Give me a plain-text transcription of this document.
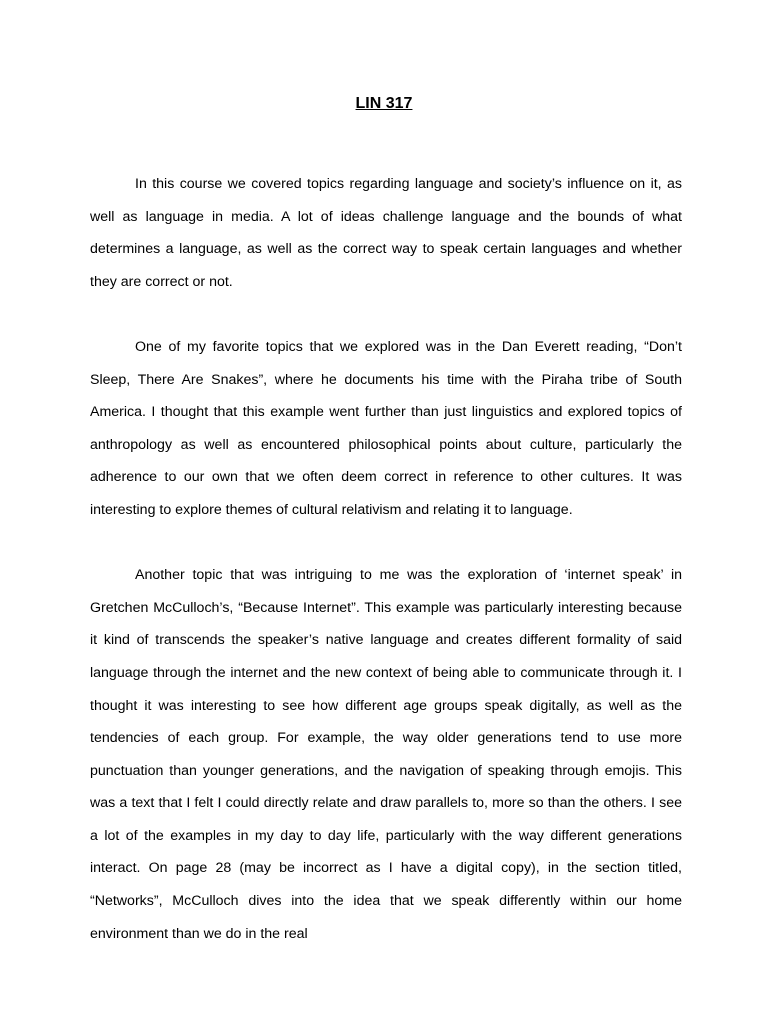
LIN 317

In this course we covered topics regarding language and society’s influence on it, as well as language in media. A lot of ideas challenge language and the bounds of what determines a language, as well as the correct way to speak certain languages and whether they are correct or not.

One of my favorite topics that we explored was in the Dan Everett reading, “Don’t Sleep, There Are Snakes”, where he documents his time with the Piraha tribe of South America. I thought that this example went further than just linguistics and explored topics of anthropology as well as encountered philosophical points about culture, particularly the adherence to our own that we often deem correct in reference to other cultures. It was interesting to explore themes of cultural relativism and relating it to language.

Another topic that was intriguing to me was the exploration of ‘internet speak’ in Gretchen McCulloch’s, “Because Internet”. This example was particularly interesting because it kind of transcends the speaker’s native language and creates different formality of said language through the internet and the new context of being able to communicate through it. I thought it was interesting to see how different age groups speak digitally, as well as the tendencies of each group. For example, the way older generations tend to use more punctuation than younger generations, and the navigation of speaking through emojis. This was a text that I felt I could directly relate and draw parallels to, more so than the others. I see a lot of the examples in my day to day life, particularly with the way different generations interact. On page 28 (may be incorrect as I have a digital copy), in the section titled, “Networks”, McCulloch dives into the idea that we speak differently within our home environment than we do in the real
